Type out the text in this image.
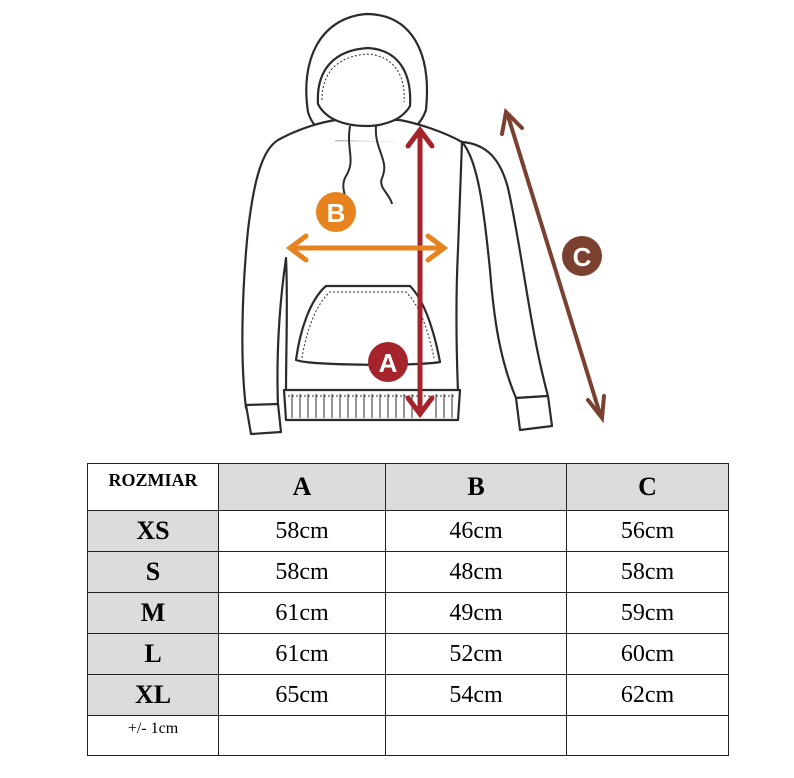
A
B
C
ROZMIAR	A	B	C
XS	58cm	46cm	56cm
S	58cm	48cm	58cm
M	61cm	49cm	59cm
L	61cm	52cm	60cm
XL	65cm	54cm	62cm
+/- 1cm			
